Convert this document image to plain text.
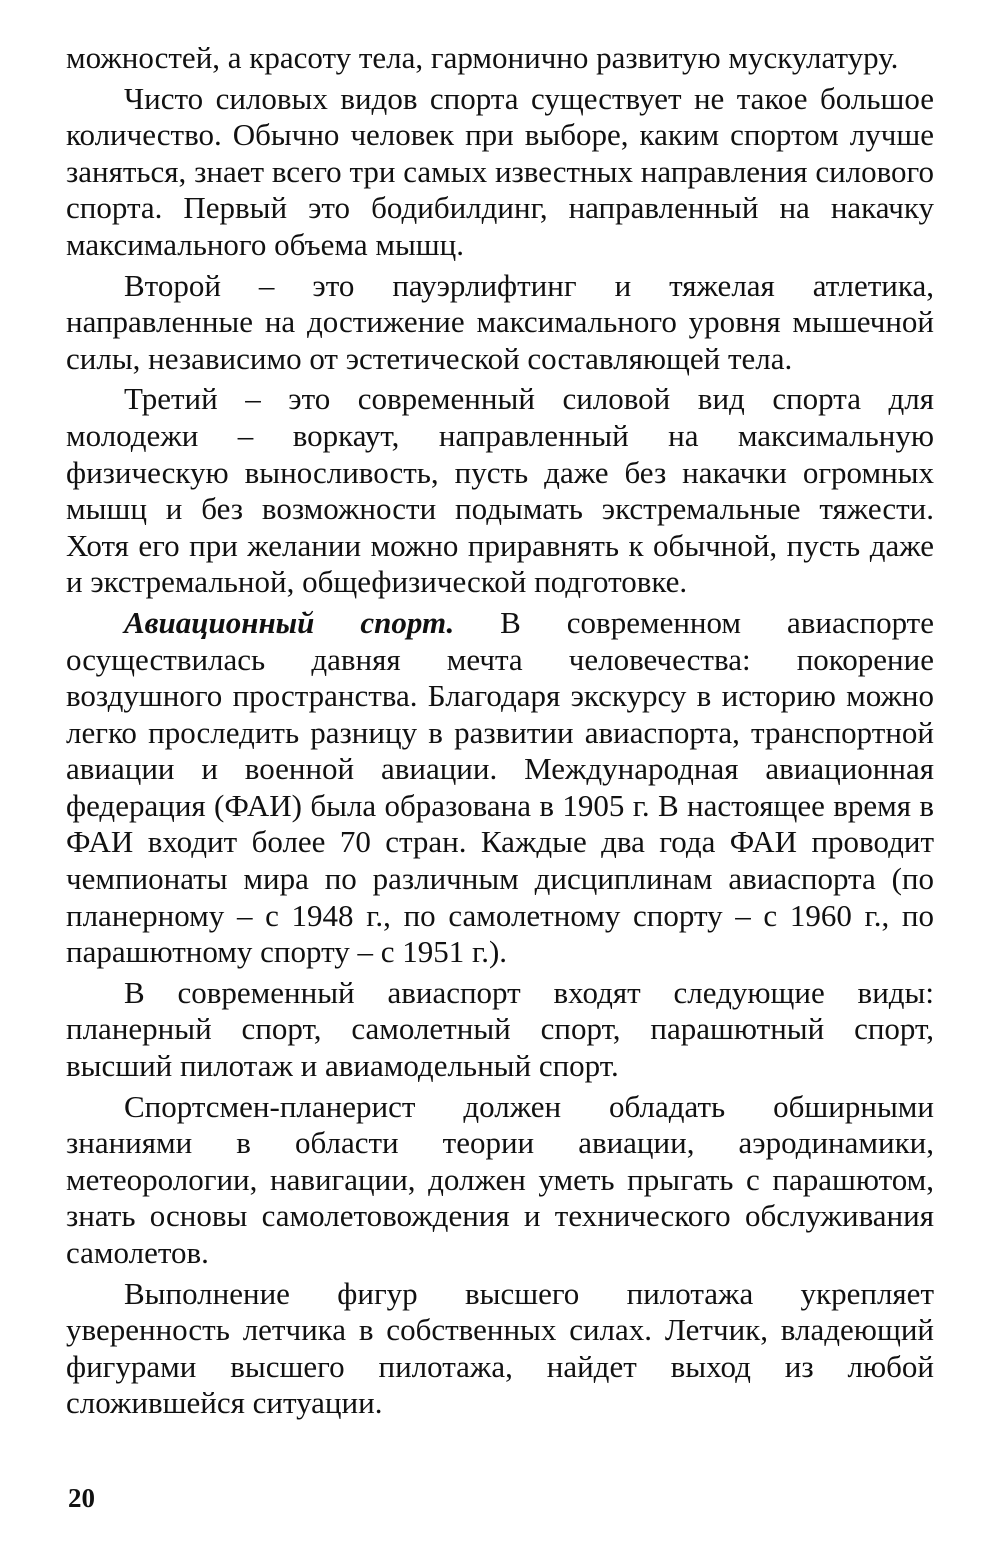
можностей, а красоту тела, гармонично развитую мускулатуру.

Чисто силовых видов спорта существует не такое большое количество. Обычно человек при выборе, каким спортом лучше заняться, знает всего три самых известных направления силового спорта. Первый это бодибилдинг, направленный на накачку максимального объема мышц.

Второй – это пауэрлифтинг и тяжелая атлетика, направленные на достижение максимального уровня мышечной силы, независимо от эстетической составляющей тела.

Третий – это современный силовой вид спорта для молодежи – воркаут, направленный на максимальную физическую выносливость, пусть даже без накачки огромных мышц и без возможности подымать экстремальные тяжести. Хотя его при желании можно приравнять к обычной, пусть даже и экстремальной, общефизической подготовке.

Авиационный спорт. В современном авиаспорте осуществилась давняя мечта человечества: покорение воздушного пространства. Благодаря экскурсу в историю можно легко проследить разницу в развитии авиаспорта, транспортной авиации и военной авиации. Международная авиационная федерация (ФАИ) была образована в 1905 г. В настоящее время в ФАИ входит более 70 стран. Каждые два года ФАИ проводит чемпионаты мира по различным дисциплинам авиаспорта (по планерному – с 1948 г., по самолетному спорту – с 1960 г., по парашютному спорту – с 1951 г.).

В современный авиаспорт входят следующие виды: планерный спорт, самолетный спорт, парашютный спорт, высший пилотаж и авиамодельный спорт.

Спортсмен-планерист должен обладать обширными знаниями в области теории авиации, аэродинамики, метеорологии, навигации, должен уметь прыгать с парашютом, знать основы самолетовождения и технического обслуживания самолетов.

Выполнение фигур высшего пилотажа укрепляет уверенность летчика в собственных силах. Летчик, владеющий фигурами высшего пилотажа, найдет выход из любой сложившейся ситуации.

20
